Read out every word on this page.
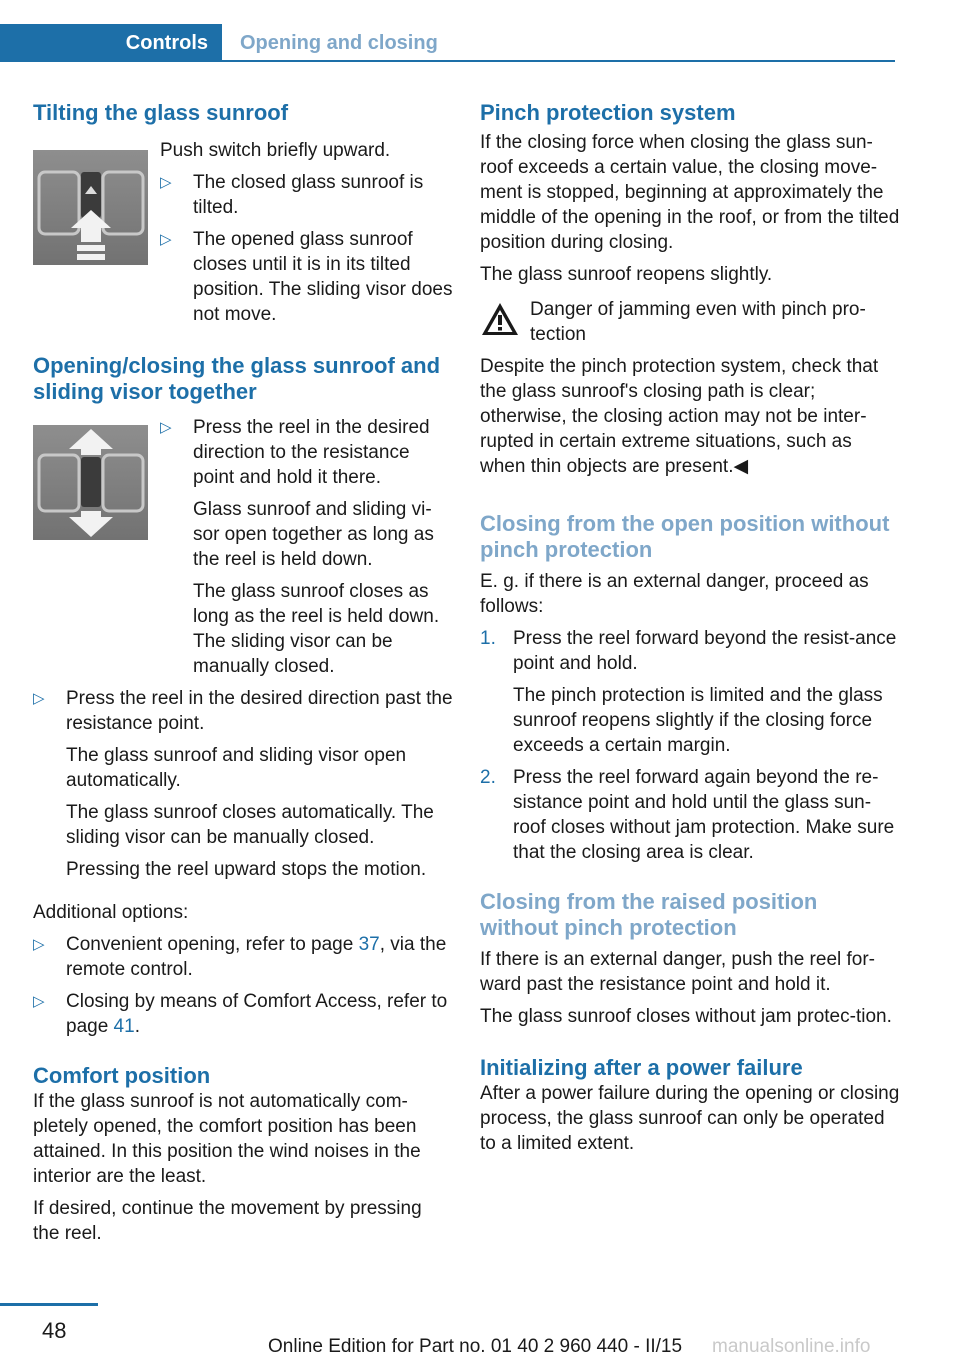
Controls	Opening and closing
Tilting the glass sunroof

Push switch briefly upward.

▷	The closed glass sunroof is tilted.
▷	The opened glass sunroof closes until it is in its tilted position. The sliding visor does not move.
Opening/closing the glass sunroof and sliding visor together
▷	Press the reel in the desired direction to the resistance point and hold it there.

Glass sunroof and sliding vi-sor open together as long as the reel is held down.

The glass sunroof closes as long as the reel is held down. The sliding visor can be manually closed.

▷	Press the reel in the desired direction past the resistance point.

The glass sunroof and sliding visor open automatically.

The glass sunroof closes automatically. The sliding visor can be manually closed.

Pressing the reel upward stops the motion.

Additional options:

▷	Convenient opening, refer to page 37, via the remote control.
▷	Closing by means of Comfort Access, refer to page 41.
Comfort position

If the glass sunroof is not automatically com-pletely opened, the comfort position has been attained. In this position the wind noises in the interior are the least.

If desired, continue the movement by pressing the reel.

Pinch protection system

If the closing force when closing the glass sun-roof exceeds a certain value, the closing move-ment is stopped, beginning at approximately the middle of the opening in the roof, or from the tilted position during closing.

The glass sunroof reopens slightly.

Danger of jamming even with pinch pro-tection

Despite the pinch protection system, check that the glass sunroof's closing path is clear; otherwise, the closing action may not be inter-rupted in certain extreme situations, such as when thin objects are present.◀

Closing from the open position without pinch protection

E. g. if there is an external danger, proceed as follows:

1. Press the reel forward beyond the resist-ance point and hold.

The pinch protection is limited and the glass sunroof reopens slightly if the closing force exceeds a certain margin.

2. Press the reel forward again beyond the re-sistance point and hold until the glass sun-roof closes without jam protection. Make sure that the closing area is clear.
Closing from the raised position without pinch protection

If there is an external danger, push the reel for-ward past the resistance point and hold it.

The glass sunroof closes without jam protec-tion.

Initializing after a power failure

After a power failure during the opening or closing process, the glass sunroof can only be operated to a limited extent.

48
Online Edition for Part no. 01 40 2 960 440 - II/15 manualsonline.info
